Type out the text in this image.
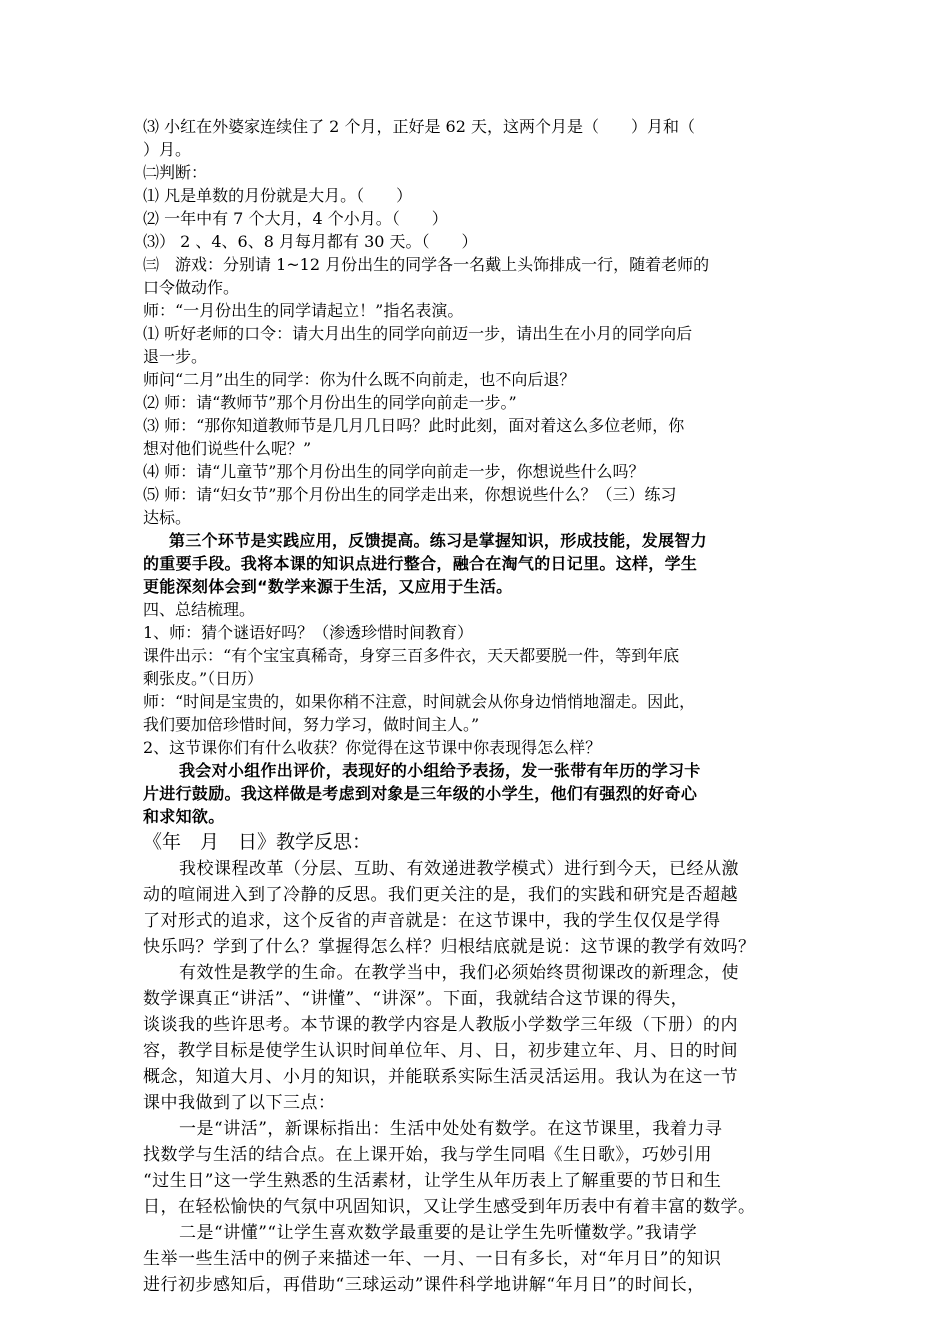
⑶ 小红在外婆家连续住了 2 个月，正好是 62 天，这两个月是（　　）月和（
）月。
㈡判断：
⑴ 凡是单数的月份就是大月。（　　）
⑵ 一年中有 7 个大月，4 个小月。（　　）
⑶） 2 、4、6、8 月每月都有 30 天。（　　）
㈢　游戏：分别请 1~12 月份出生的同学各一名戴上头饰排成一行，随着老师的
口令做动作。
师：“一月份出生的同学请起立！”指名表演。
⑴ 听好老师的口令：请大月出生的同学向前迈一步，请出生在小月的同学向后
退一步。
师问“二月”出生的同学：你为什么既不向前走，也不向后退？
⑵ 师：请“教师节”那个月份出生的同学向前走一步。”
⑶ 师：“那你知道教师节是几月几日吗？此时此刻，面对着这么多位老师，你
想对他们说些什么呢？”
⑷ 师：请“儿童节”那个月份出生的同学向前走一步，你想说些什么吗？
⑸ 师：请“妇女节”那个月份出生的同学走出来，你想说些什么？（三）练习
达标。
第三个环节是实践应用，反馈提高。练习是掌握知识，形成技能，发展智力
的重要手段。我将本课的知识点进行整合，融合在淘气的日记里。这样，学生
更能深刻体会到“数学来源于生活，又应用于生活。
四、总结梳理。
1、师：猜个谜语好吗？（渗透珍惜时间教育）
课件出示：“有个宝宝真稀奇，身穿三百多件衣，天天都要脱一件，等到年底
剩张皮。”（日历）
师：“时间是宝贵的，如果你稍不注意，时间就会从你身边悄悄地溜走。因此，
我们要加倍珍惜时间，努力学习，做时间主人。”
2、这节课你们有什么收获？你觉得在这节课中你表现得怎么样？
我会对小组作出评价，表现好的小组给予表扬，发一张带有年历的学习卡
片进行鼓励。我这样做是考虑到对象是三年级的小学生，他们有强烈的好奇心
和求知欲。
《年　月　日》教学反思：
我校课程改革（分层、互助、有效递进教学模式）进行到今天，已经从激
动的喧闹进入到了冷静的反思。我们更关注的是，我们的实践和研究是否超越
了对形式的追求，这个反省的声音就是：在这节课中，我的学生仅仅是学得
快乐吗？学到了什么？掌握得怎么样？归根结底就是说：这节课的教学有效吗？
有效性是教学的生命。在教学当中，我们必须始终贯彻课改的新理念，使
数学课真正“讲活”、“讲懂”、“讲深”。下面，我就结合这节课的得失，
谈谈我的些许思考。本节课的教学内容是人教版小学数学三年级（下册）的内
容，教学目标是使学生认识时间单位年、月、日，初步建立年、月、日的时间
概念，知道大月、小月的知识，并能联系实际生活灵活运用。我认为在这一节
课中我做到了以下三点：
一是“讲活”，新课标指出：生活中处处有数学。在这节课里，我着力寻
找数学与生活的结合点。在上课开始，我与学生同唱《生日歌》，巧妙引用
“过生日”这一学生熟悉的生活素材，让学生从年历表上了解重要的节日和生
日，在轻松愉快的气氛中巩固知识，又让学生感受到年历表中有着丰富的数学。
二是“讲懂”“让学生喜欢数学最重要的是让学生先听懂数学。”我请学
生举一些生活中的例子来描述一年、一月、一日有多长，对“年月日”的知识
进行初步感知后，再借助“三球运动”课件科学地讲解“年月日”的时间长，
